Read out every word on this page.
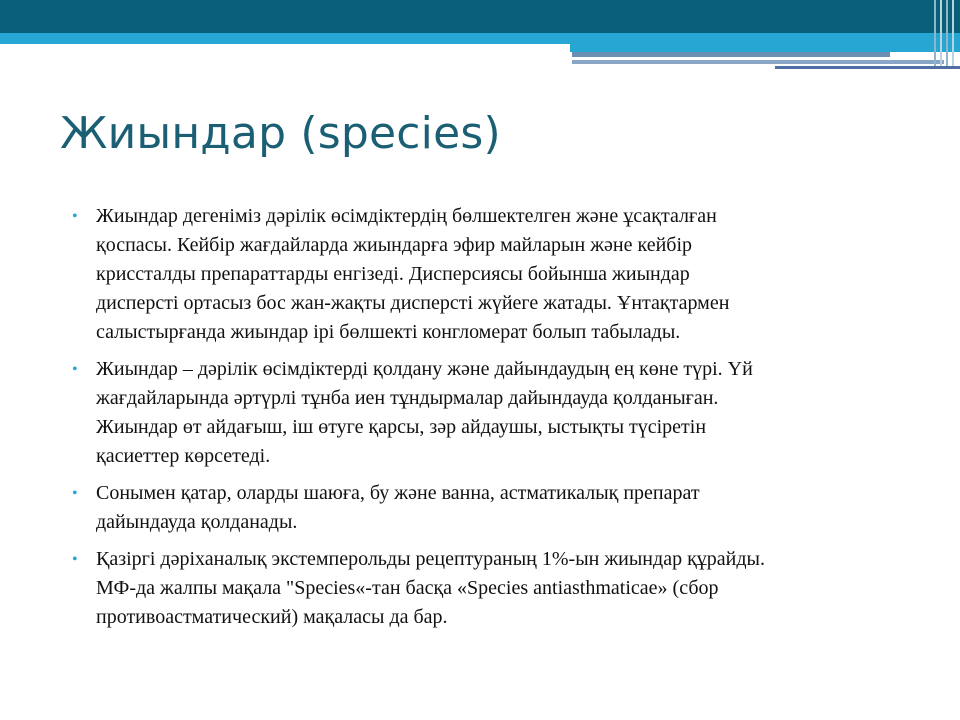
Жиындар (species)
• Жиындар дегеніміз дәрілік өсімдіктердің бөлшектелген және ұсақталған
қоспасы. Кейбір жағдайларда жиындарға эфир майларын және кейбір
крисcталды препараттарды енгізеді. Дисперсиясы бойынша жиындар
дисперсті ортасыз бос жан-жақты дисперсті жүйеге жатады. Ұнтақтармен
салыстырғанда жиындар ірі бөлшекті конгломерат болып табылады.
• Жиындар – дәрілік өсімдіктерді қолдану және дайындаудың ең көне түрі. Үй
жағдайларында әртүрлі тұнба иен тұндырмалар дайындауда қолданыған.
Жиындар өт айдағыш, іш өтуге қарсы, зәр айдаушы, ыстықты түсіретін
қасиеттер көрсетеді.
• Сонымен қатар, оларды шаюға, бу және ванна, астматикалық препарат
дайындауда қолданады.
• Қазіргі дәріханалық экстемперольды рецептураның 1%-ын жиындар құрайды.
МФ-да жалпы мақала "Species«-тан басқа «Species antiasthmaticae» (сбор
противоастматический) мақаласы да бар.
